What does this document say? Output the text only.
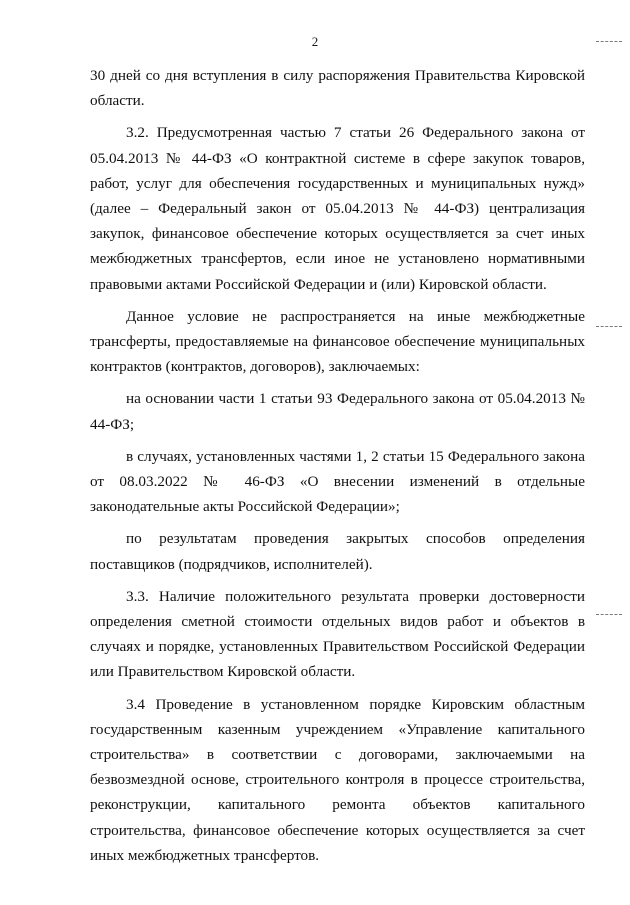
2

30 дней со дня вступления в силу распоряжения Правительства Кировской области.

3.2. Предусмотренная частью 7 статьи 26 Федерального закона от 05.04.2013 № 44-ФЗ «О контрактной системе в сфере закупок товаров, работ, услуг для обеспечения государственных и муниципальных нужд» (далее – Федеральный закон от 05.04.2013 № 44-ФЗ) централизация закупок, финансовое обеспечение которых осуществляется за счет иных межбюджетных трансфертов, если иное не установлено нормативными правовыми актами Российской Федерации и (или) Кировской области.

Данное условие не распространяется на иные межбюджетные трансферты, предоставляемые на финансовое обеспечение муниципальных контрактов (контрактов, договоров), заключаемых:

на основании части 1 статьи 93 Федерального закона от 05.04.2013 № 44-ФЗ;

в случаях, установленных частями 1, 2 статьи 15 Федерального закона от 08.03.2022 № 46-ФЗ «О внесении изменений в отдельные законодательные акты Российской Федерации»;

по результатам проведения закрытых способов определения поставщиков (подрядчиков, исполнителей).

3.3. Наличие положительного результата проверки достоверности определения сметной стоимости отдельных видов работ и объектов в случаях и порядке, установленных Правительством Российской Федерации или Правительством Кировской области.

3.4 Проведение в установленном порядке Кировским областным государственным казенным учреждением «Управление капитального строительства» в соответствии с договорами, заключаемыми на безвозмездной основе, строительного контроля в процессе строительства, реконструкции, капитального ремонта объектов капитального строительства, финансовое обеспечение которых осуществляется за счет иных межбюджетных трансфертов.
